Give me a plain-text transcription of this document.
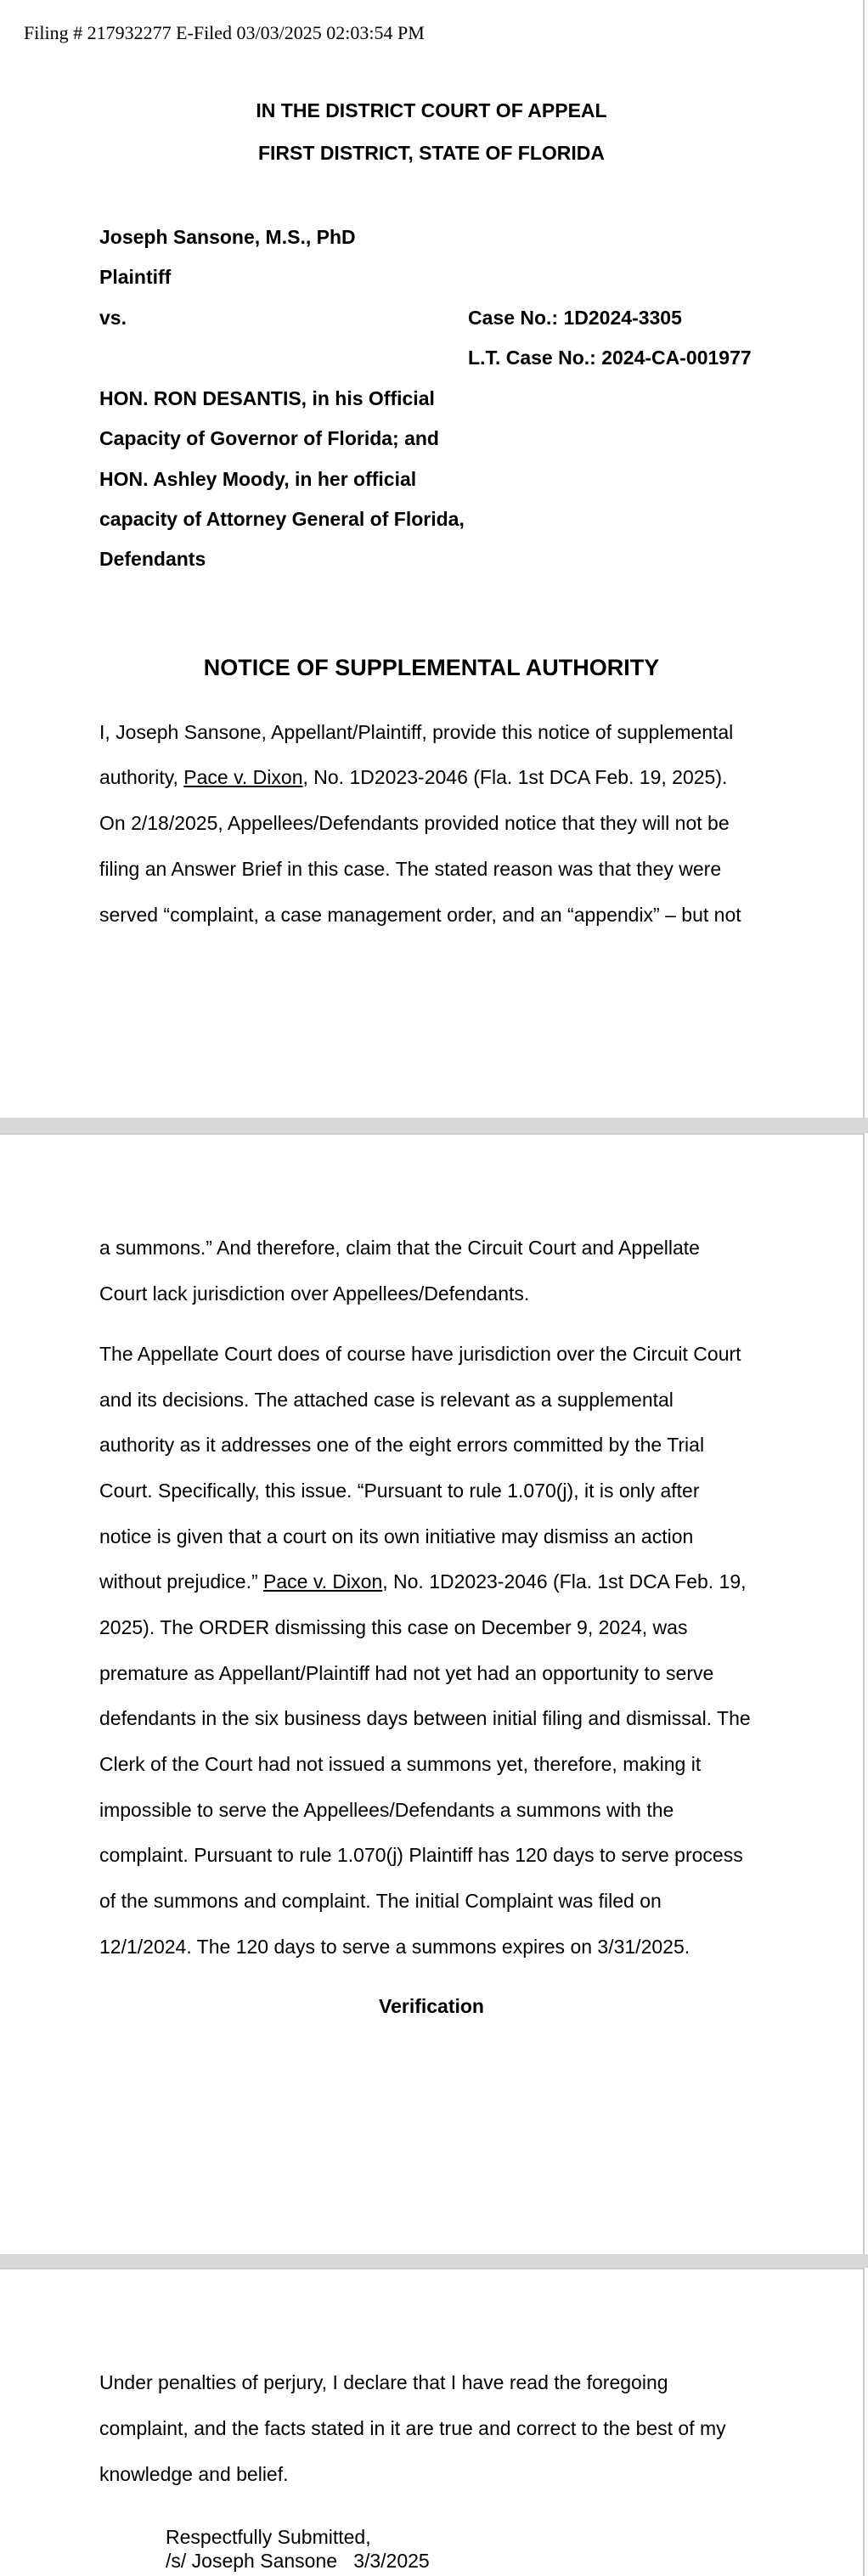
Filing # 217932277 E-Filed 03/03/2025 02:03:54 PM
IN THE DISTRICT COURT OF APPEAL
FIRST DISTRICT, STATE OF FLORIDA
Joseph Sansone, M.S., PhD
Plaintiff
vs.	Case No.: 1D2024-3305
L.T. Case No.: 2024-CA-001977
HON. RON DESANTIS, in his Official
Capacity of Governor of Florida; and
HON. Ashley Moody, in her official
capacity of Attorney General of Florida,
Defendants
NOTICE OF SUPPLEMENTAL AUTHORITY
I, Joseph Sansone, Appellant/Plaintiff, provide this notice of supplemental
authority, Pace v. Dixon, No. 1D2023-2046 (Fla. 1st DCA Feb. 19, 2025).
On 2/18/2025, Appellees/Defendants provided notice that they will not be
filing an Answer Brief in this case. The stated reason was that they were
served “complaint, a case management order, and an “appendix” – but not
a summons.” And therefore, claim that the Circuit Court and Appellate
Court lack jurisdiction over Appellees/Defendants.
The Appellate Court does of course have jurisdiction over the Circuit Court
and its decisions. The attached case is relevant as a supplemental
authority as it addresses one of the eight errors committed by the Trial
Court. Specifically, this issue. “Pursuant to rule 1.070(j), it is only after
notice is given that a court on its own initiative may dismiss an action
without prejudice.” Pace v. Dixon, No. 1D2023-2046 (Fla. 1st DCA Feb. 19,
2025). The ORDER dismissing this case on December 9, 2024, was
premature as Appellant/Plaintiff had not yet had an opportunity to serve
defendants in the six business days between initial filing and dismissal. The
Clerk of the Court had not issued a summons yet, therefore, making it
impossible to serve the Appellees/Defendants a summons with the
complaint. Pursuant to rule 1.070(j) Plaintiff has 120 days to serve process
of the summons and complaint. The initial Complaint was filed on
12/1/2024. The 120 days to serve a summons expires on 3/31/2025.
Verification
Under penalties of perjury, I declare that I have read the foregoing
complaint, and the facts stated in it are true and correct to the best of my
knowledge and belief.
Respectfully Submitted,
/s/ Joseph Sansone   3/3/2025
